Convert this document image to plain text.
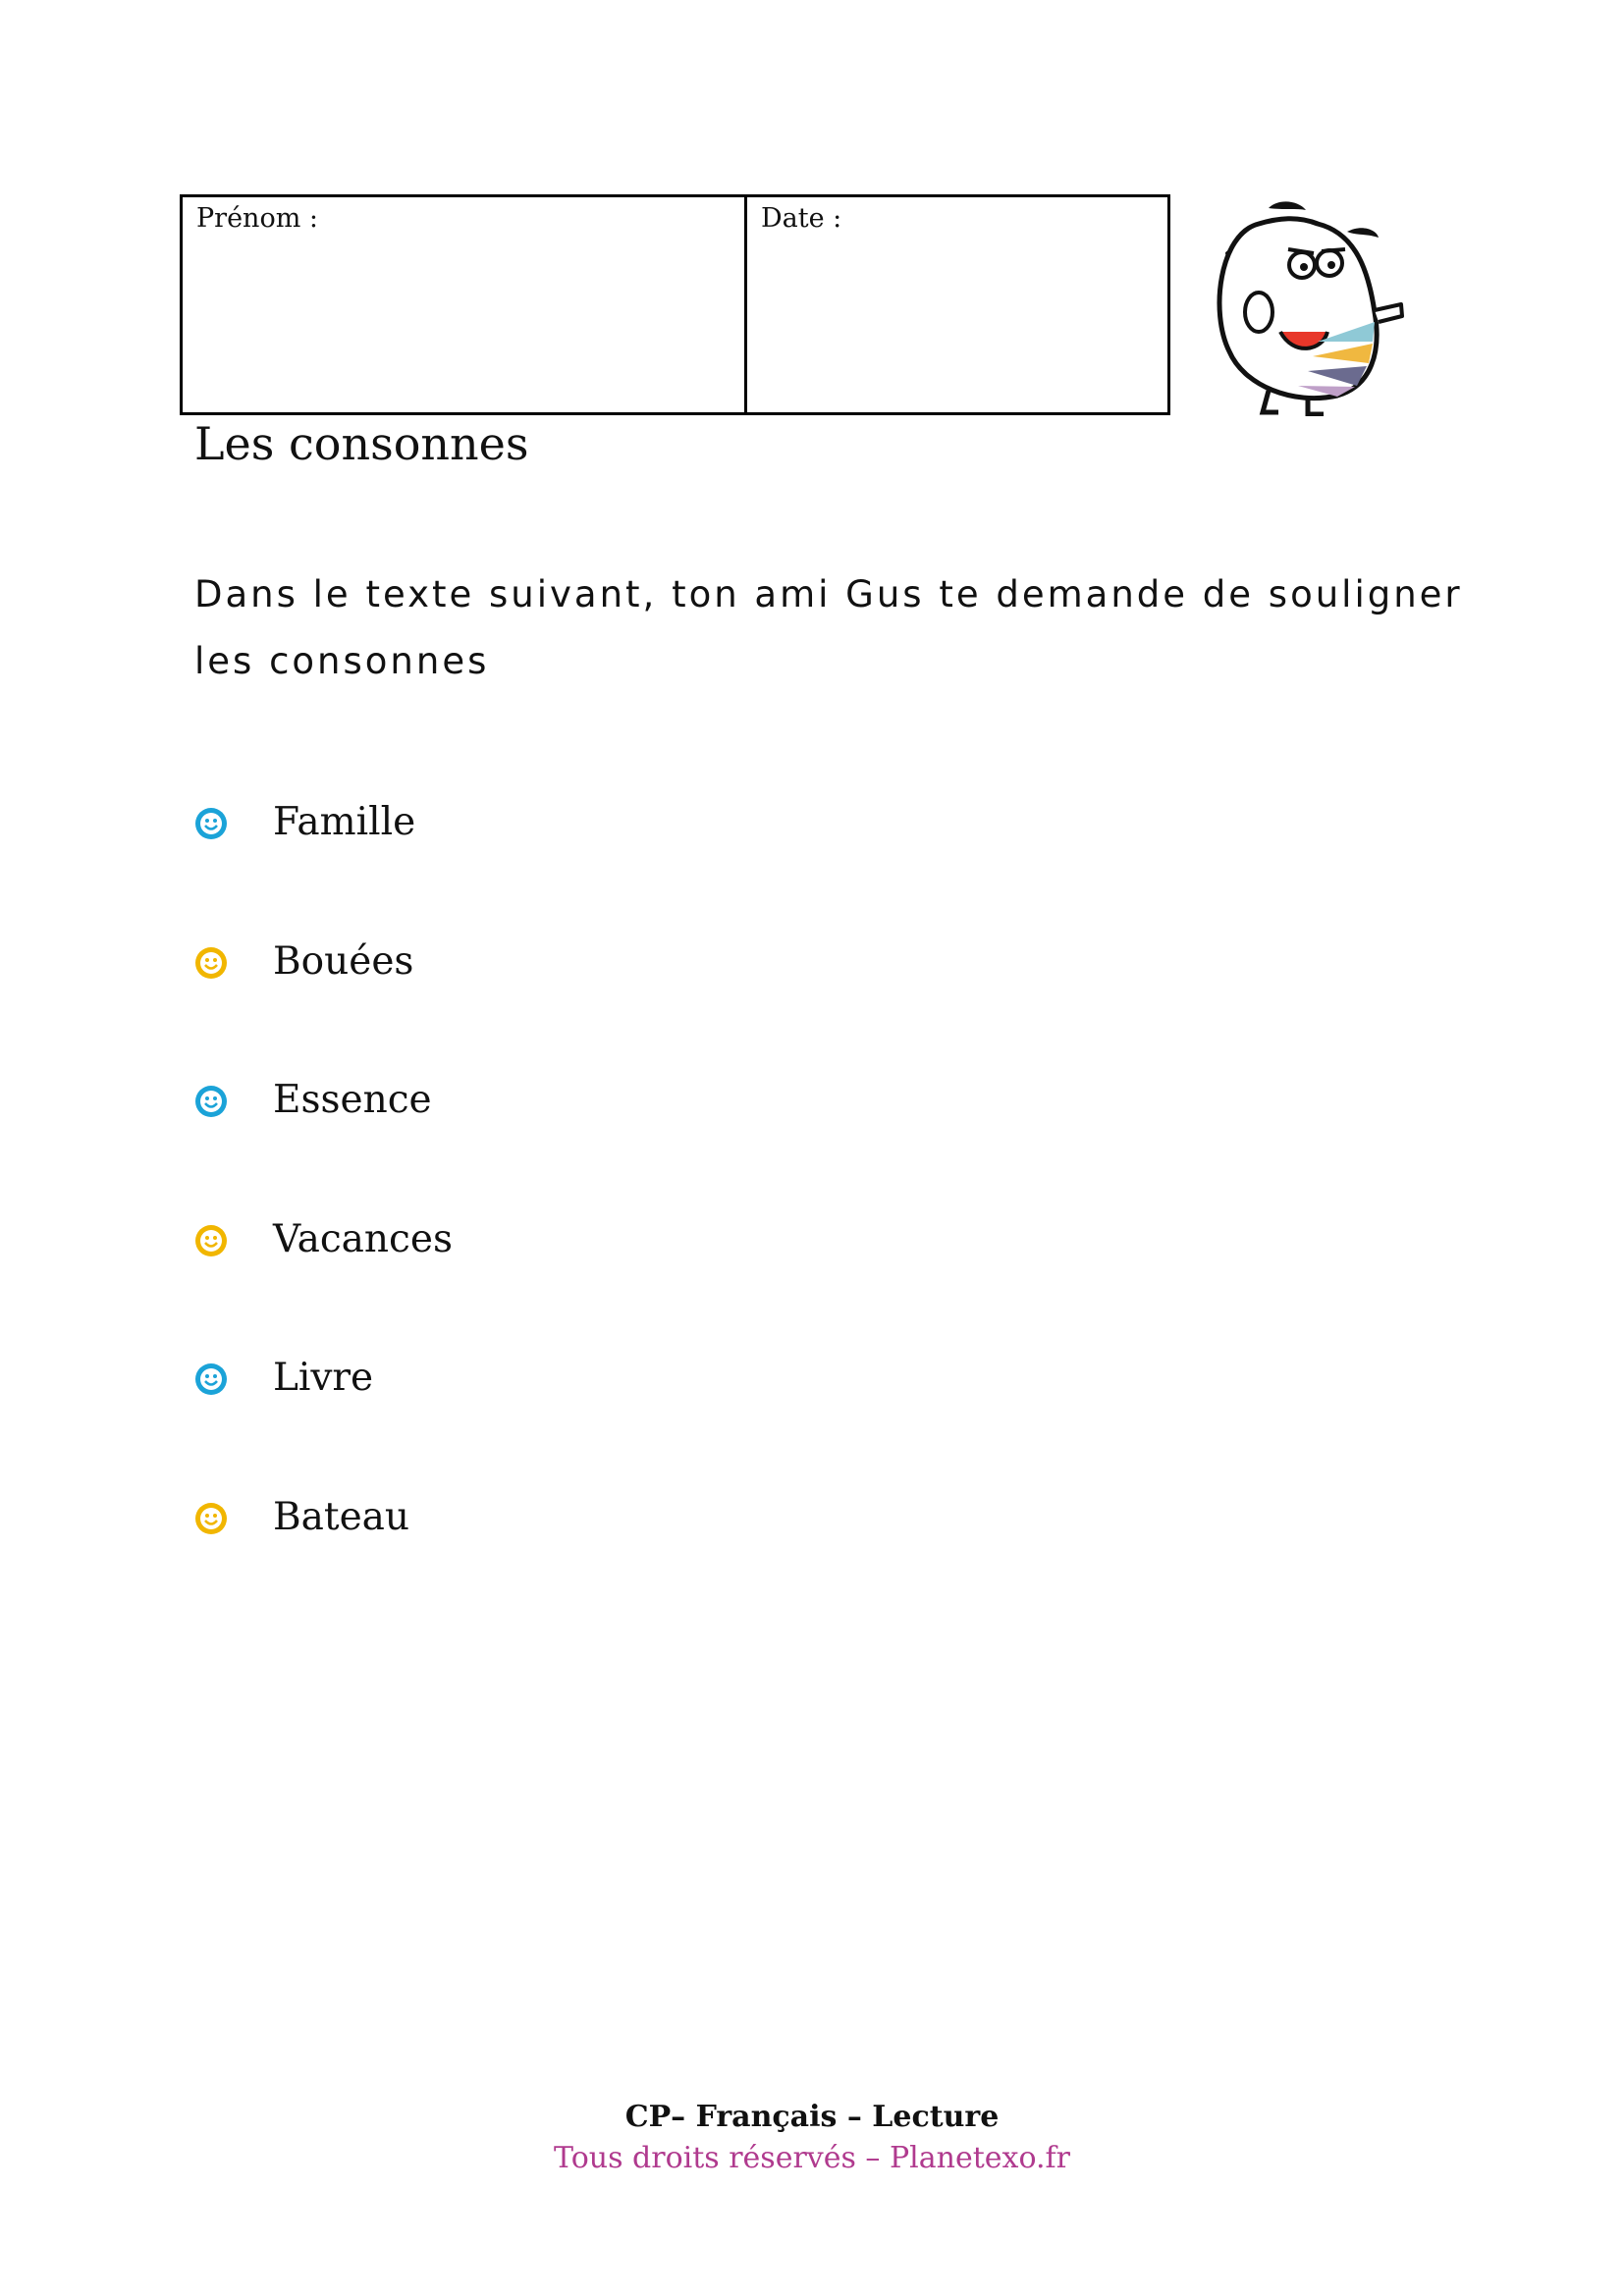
Prénom :	Date :
Les consonnes

Dans le texte suivant, ton ami Gus te demande de souligner les consonnes

Famille
Bouées
Essence
Vacances
Livre
Bateau
CP– Français – Lecture
Tous droits réservés – Planetexo.fr
